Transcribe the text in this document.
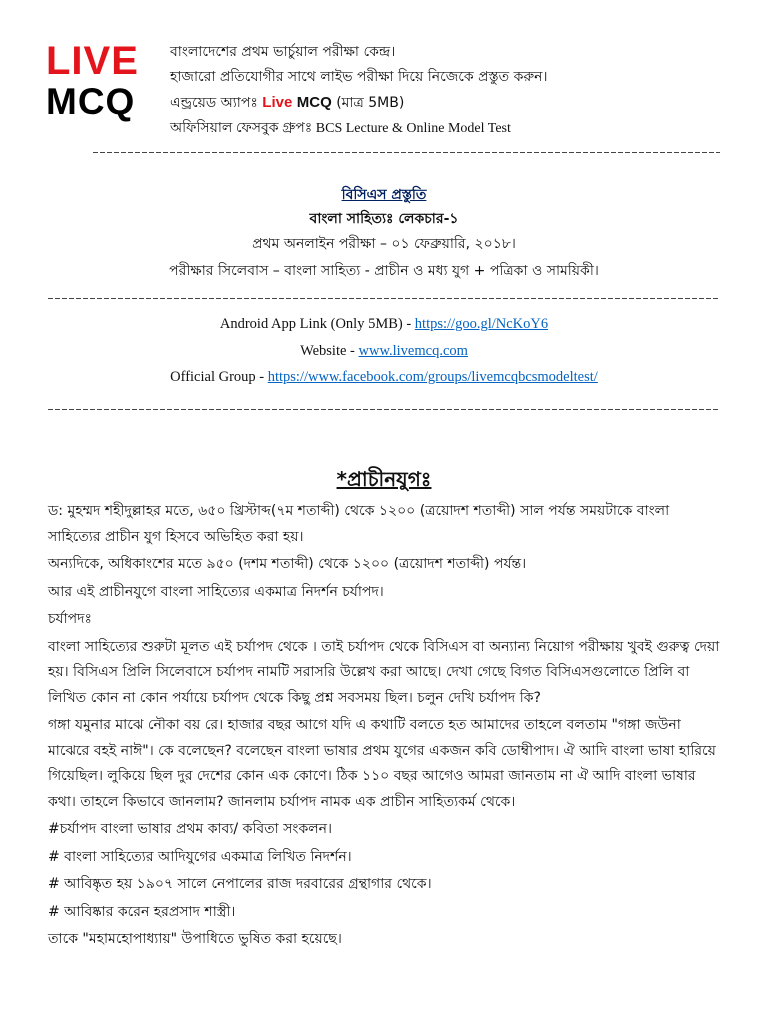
LIVE
MCQ
বাংলাদেশের প্রথম ভার্চুয়াল পরীক্ষা কেন্দ্র।
হাজারো প্রতিযোগীর সাথে লাইভ পরীক্ষা দিয়ে নিজেকে প্রস্তুত করুন।
এন্ড্রয়েড অ্যাপঃ Live MCQ (মাত্র 5MB)
অফিসিয়াল ফেসবুক গ্রুপঃ BCS Lecture & Online Model Test
বিসিএস প্রস্তুতি
বাংলা সাহিত্যঃ লেকচার-১
প্রথম অনলাইন পরীক্ষা – ০১ ফেব্রুয়ারি, ২০১৮।
পরীক্ষার সিলেবাস – বাংলা সাহিত্য - প্রাচীন ও মধ্য যুগ + পত্রিকা ও সাময়িকী।
Android App Link (Only 5MB) - https://goo.gl/NcKoY6
Website - www.livemcq.com
Official Group - https://www.facebook.com/groups/livemcqbcsmodeltest/
*প্রাচীনযুগঃ

ড: মুহম্মদ শহীদুল্লাহর মতে, ৬৫০ খ্রিস্টাব্দ(৭ম শতাব্দী) থেকে ১২০০ (ত্রয়োদশ শতাব্দী) সাল পর্যন্ত সময়টাকে বাংলা সাহিত্যের প্রাচীন যুগ হিসবে অভিহিত করা হয়।

অন্যদিকে, অধিকাংশের মতে ৯৫০ (দশম শতাব্দী) থেকে ১২০০ (ত্রয়োদশ শতাব্দী) পর্যন্ত।

আর এই প্রাচীনযুগে বাংলা সাহিত্যের একমাত্র নিদর্শন চর্যাপদ।

চর্যাপদঃ

বাংলা সাহিত্যের শুরুটা মূলত এই চর্যাপদ থেকে । তাই চর্যাপদ থেকে বিসিএস বা অন্যান্য নিয়োগ পরীক্ষায় খুবই গুরুত্ব দেয়া হয়। বিসিএস প্রিলি সিলেবাসে চর্যাপদ নামটি সরাসরি উল্লেখ করা আছে। দেখা গেছে বিগত বিসিএসগুলোতে প্রিলি বা লিখিত কোন না কোন পর্যায়ে চর্যাপদ থেকে কিছু প্রশ্ন সবসময় ছিল। চলুন দেখি চর্যাপদ কি?

গঙ্গা যমুনার মাঝে নৌকা বয় রে। হাজার বছর আগে যদি এ কথাটি বলতে হত আমাদের তাহলে বলতাম "গঙ্গা জউনা মাঝেরে বহই নাঈ"। কে বলেছেন? বলেছেন বাংলা ভাষার প্রথম যুগের একজন কবি ডোম্বীপাদ। ঐ আদি বাংলা ভাষা হারিয়ে গিয়েছিল। লুকিয়ে ছিল দুর দেশের কোন এক কোণে। ঠিক ১১০ বছর আগেও আমরা জানতাম না ঐ আদি বাংলা ভাষার কথা। তাহলে কিভাবে জানলাম? জানলাম চর্যাপদ নামক এক প্রাচীন সাহিত্যকর্ম থেকে।

#চর্যাপদ বাংলা ভাষার প্রথম কাব্য/ কবিতা সংকলন।

# বাংলা সাহিত্যের আদিযুগের একমাত্র লিখিত নিদর্শন।

# আবিষ্কৃত হয় ১৯০৭ সালে নেপালের রাজ দরবারের গ্রন্থাগার থেকে।

# আবিষ্কার করেন হরপ্রসাদ শাস্ত্রী।

তাকে "মহামহোপাধ্যায়" উপাধিতে ভুষিত করা হয়েছে।
